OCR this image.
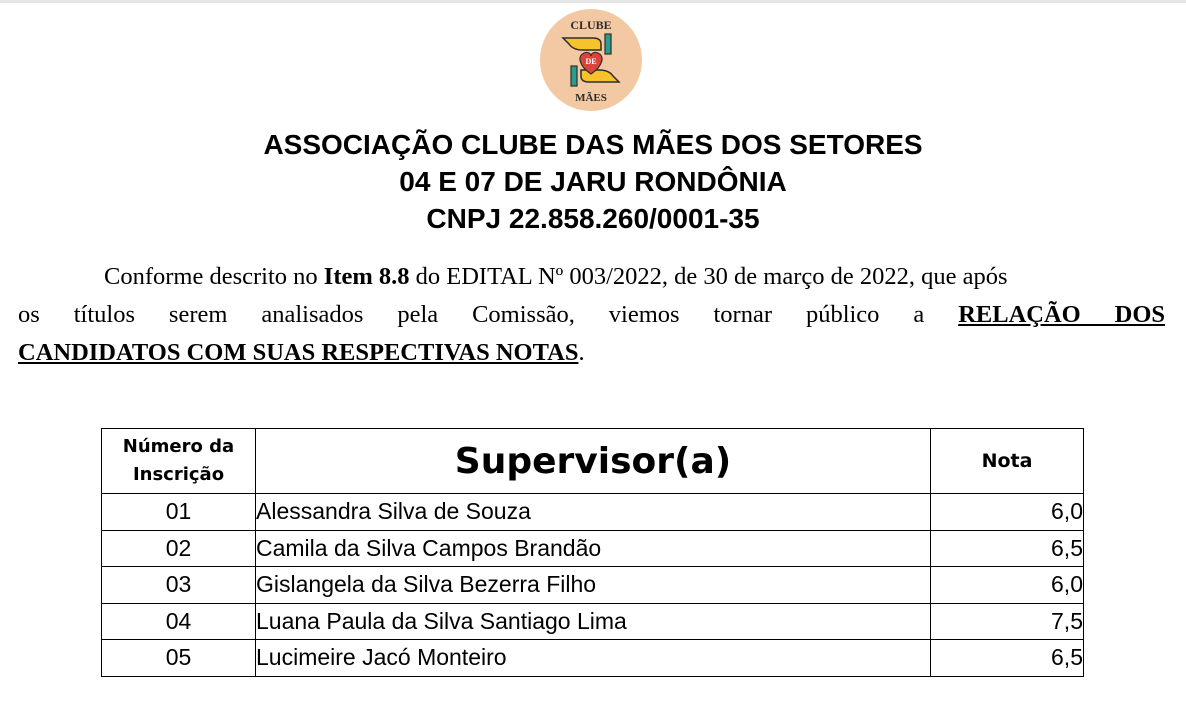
CLUBE
DE
MÃES
ASSOCIAÇÃO CLUBE DAS MÃES DOS SETORES
04 E 07 DE JARU RONDÔNIA
CNPJ 22.858.260/0001-35
Conforme descrito no Item 8.8 do EDITAL Nº 003/2022, de 30 de março de 2022, que após
os títulos serem analisados pela Comissão, viemos tornar público a RELAÇÃO DOS
CANDIDATOS COM SUAS RESPECTIVAS NOTAS.
Número da
Inscrição	Supervisor(a)	Nota
01	Alessandra Silva de Souza	6,0
02	Camila da Silva Campos Brandão	6,5
03	Gislangela da Silva Bezerra Filho	6,0
04	Luana Paula da Silva Santiago Lima	7,5
05	Lucimeire Jacó Monteiro	6,5
